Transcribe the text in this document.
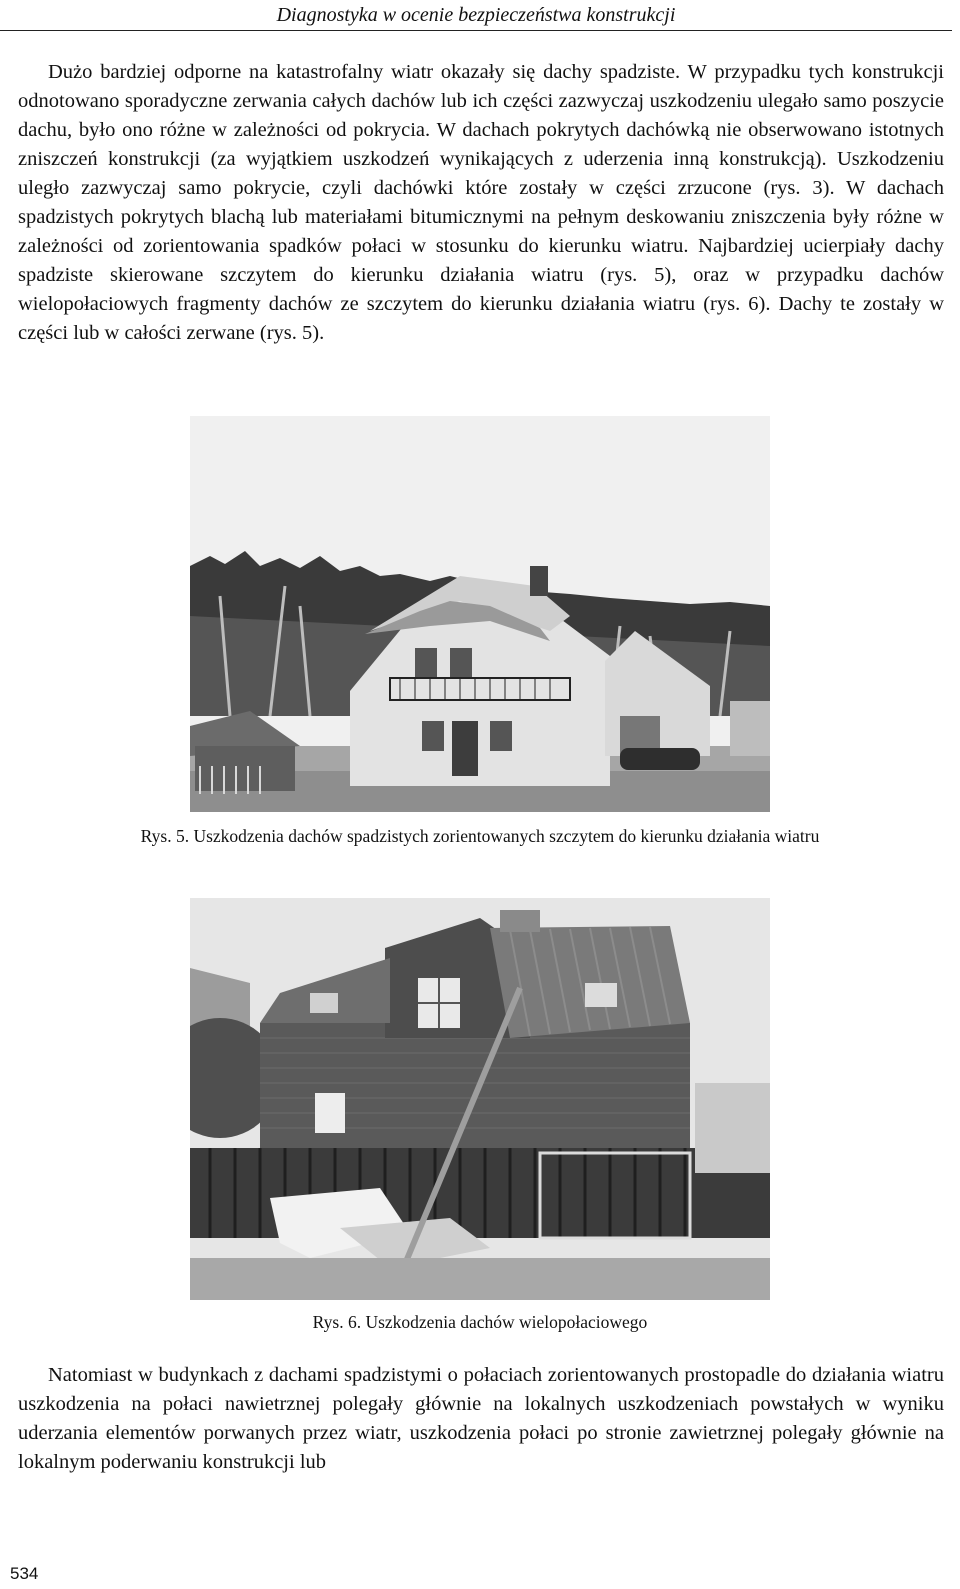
Diagnostyka w ocenie bezpieczeństwa konstrukcji

Dużo bardziej odporne na katastrofalny wiatr okazały się dachy spadziste. W przypadku tych konstrukcji odnotowano sporadyczne zerwania całych dachów lub ich części zazwyczaj uszkodzeniu ulegało samo poszycie dachu, było ono różne w zależności od pokrycia. W dachach pokrytych dachówką nie obserwowano istotnych zniszczeń konstrukcji (za wyjątkiem uszkodzeń wynikających z uderzenia inną konstrukcją). Uszkodzeniu uległo zazwyczaj samo pokrycie, czyli dachówki które zostały w części zrzucone (rys. 3). W dachach spadzistych pokrytych blachą lub materiałami bitumicznymi na pełnym deskowaniu zniszczenia były różne w zależności od zorientowania spadków połaci w stosunku do kierunku wiatru. Najbardziej ucierpiały dachy spadziste skierowane szczytem do kierunku działania wiatru (rys. 5), oraz w przypadku dachów wielopołaciowych fragmenty dachów ze szczytem do kierunku działania wiatru (rys. 6). Dachy te zostały w części lub w całości zerwane (rys. 5).

Rys. 5. Uszkodzenia dachów spadzistych zorientowanych szczytem do kierunku działania wiatru
Rys. 6. Uszkodzenia dachów wielopołaciowego

Natomiast w budynkach z dachami spadzistymi o połaciach zorientowanych prostopadle do działania wiatru uszkodzenia na połaci nawietrznej polegały głównie na lokalnych uszkodzeniach powstałych w wyniku uderzania elementów porwanych przez wiatr, uszkodzenia połaci po stronie zawietrznej polegały głównie na lokalnym poderwaniu konstrukcji lub

534
